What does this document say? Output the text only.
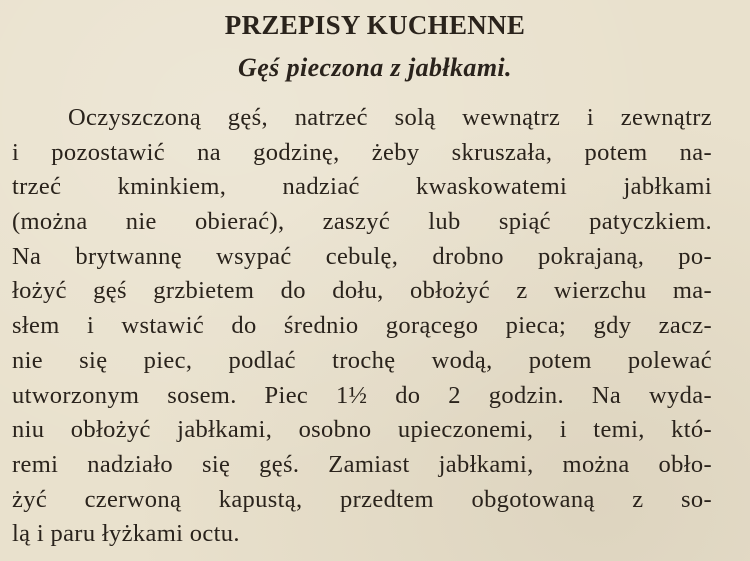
PRZEPISY KUCHENNE
Gęś pieczona z jabłkami.
Oczyszczoną gęś, natrzeć solą wewnątrz i zewnątrz
i pozostawić na godzinę, żeby skruszała, potem na-
trzeć kminkiem, nadziać kwaskowatemi jabłkami
(można nie obierać), zaszyć lub spiąć patyczkiem.
Na brytwannę wsypać cebulę, drobno pokrajaną, po-
łożyć gęś grzbietem do dołu, obłożyć z wierzchu ma-
słem i wstawić do średnio gorącego pieca; gdy zacz-
nie się piec, podlać trochę wodą, potem polewać
utworzonym sosem. Piec 1½ do 2 godzin. Na wyda-
niu obłożyć jabłkami, osobno upieczonemi, i temi, któ-
remi nadziało się gęś. Zamiast jabłkami, można obło-
żyć czerwoną kapustą, przedtem obgotowaną z so-
lą i paru łyżkami octu.
